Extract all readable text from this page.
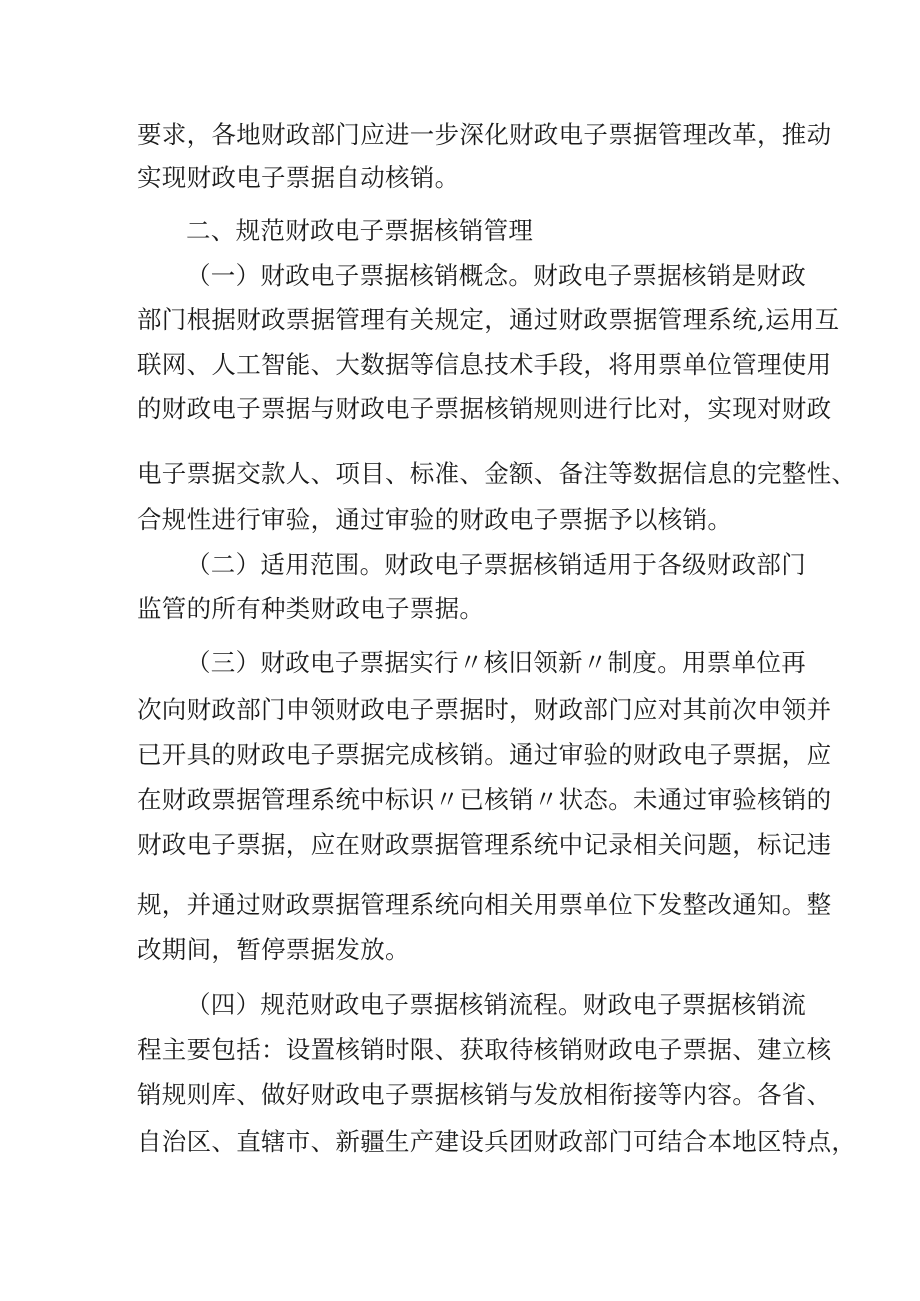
要求，各地财政部门应进一步深化财政电子票据管理改革，推动
实现财政电子票据自动核销。
二、规范财政电子票据核销管理
（一）财政电子票据核销概念。财政电子票据核销是财政
部门根据财政票据管理有关规定，通过财政票据管理系统,运用互
联网、人工智能、大数据等信息技术手段，将用票单位管理使用
的财政电子票据与财政电子票据核销规则进行比对，实现对财政
电子票据交款人、项目、标准、金额、备注等数据信息的完整性、
合规性进行审验，通过审验的财政电子票据予以核销。
（二）适用范围。财政电子票据核销适用于各级财政部门
监管的所有种类财政电子票据。
（三）财政电子票据实行〃核旧领新〃制度。用票单位再
次向财政部门申领财政电子票据时，财政部门应对其前次申领并
已开具的财政电子票据完成核销。通过审验的财政电子票据，应
在财政票据管理系统中标识〃已核销〃状态。未通过审验核销的
财政电子票据，应在财政票据管理系统中记录相关问题，标记违
规，并通过财政票据管理系统向相关用票单位下发整改通知。整
改期间，暂停票据发放。
（四）规范财政电子票据核销流程。财政电子票据核销流
程主要包括：设置核销时限、获取待核销财政电子票据、建立核
销规则库、做好财政电子票据核销与发放相衔接等内容。各省、
自治区、直辖市、新疆生产建设兵团财政部门可结合本地区特点，
